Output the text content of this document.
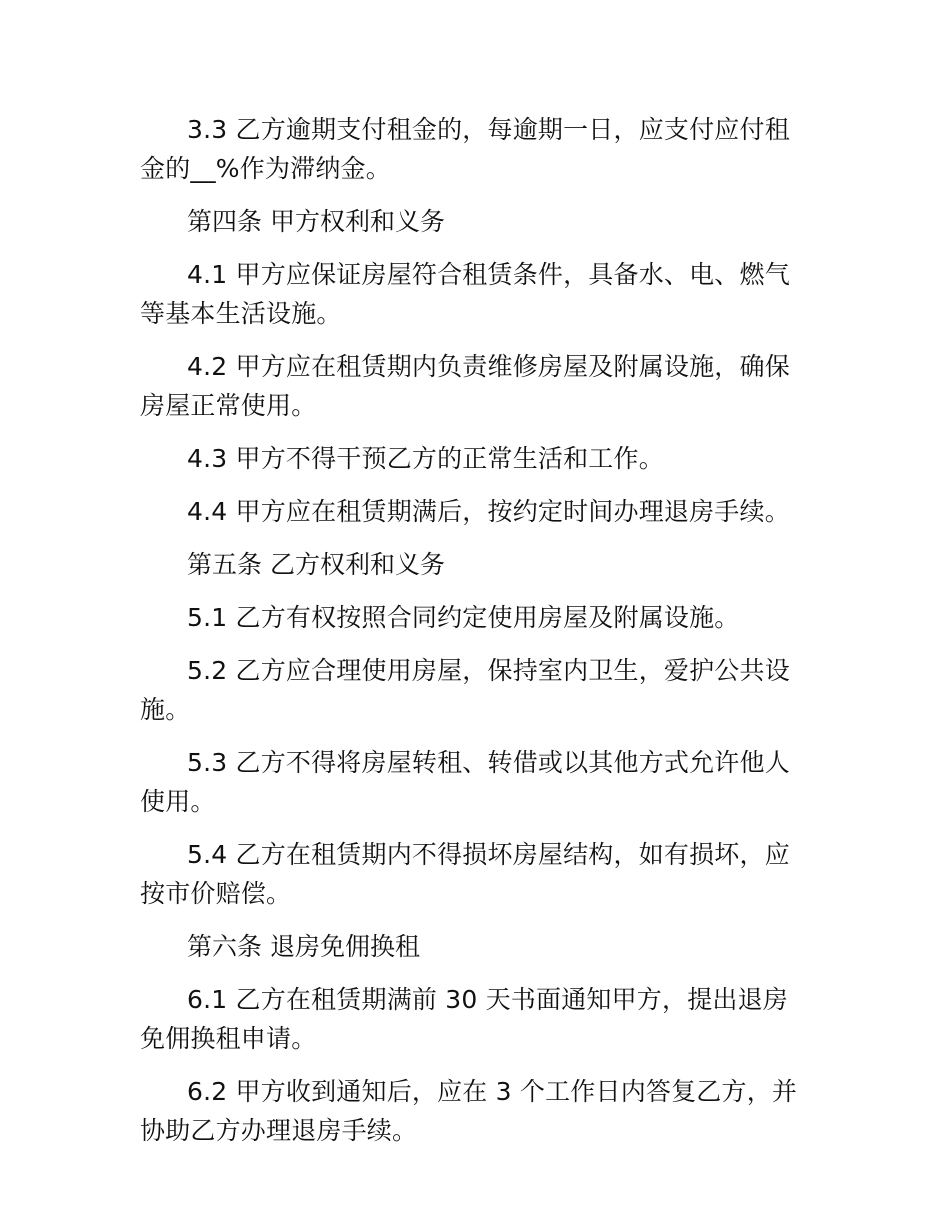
3.3 乙方逾期支付租金的，每逾期一日，应支付应付租金的__%作为滞纳金。

第四条 甲方权利和义务

4.1 甲方应保证房屋符合租赁条件，具备水、电、燃气等基本生活设施。

4.2 甲方应在租赁期内负责维修房屋及附属设施，确保房屋正常使用。

4.3 甲方不得干预乙方的正常生活和工作。

4.4 甲方应在租赁期满后，按约定时间办理退房手续。

第五条 乙方权利和义务

5.1 乙方有权按照合同约定使用房屋及附属设施。

5.2 乙方应合理使用房屋，保持室内卫生，爱护公共设施。

5.3 乙方不得将房屋转租、转借或以其他方式允许他人使用。

5.4 乙方在租赁期内不得损坏房屋结构，如有损坏，应按市价赔偿。

第六条 退房免佣换租

6.1 乙方在租赁期满前 30 天书面通知甲方，提出退房免佣换租申请。

6.2 甲方收到通知后，应在 3 个工作日内答复乙方，并协助乙方办理退房手续。
